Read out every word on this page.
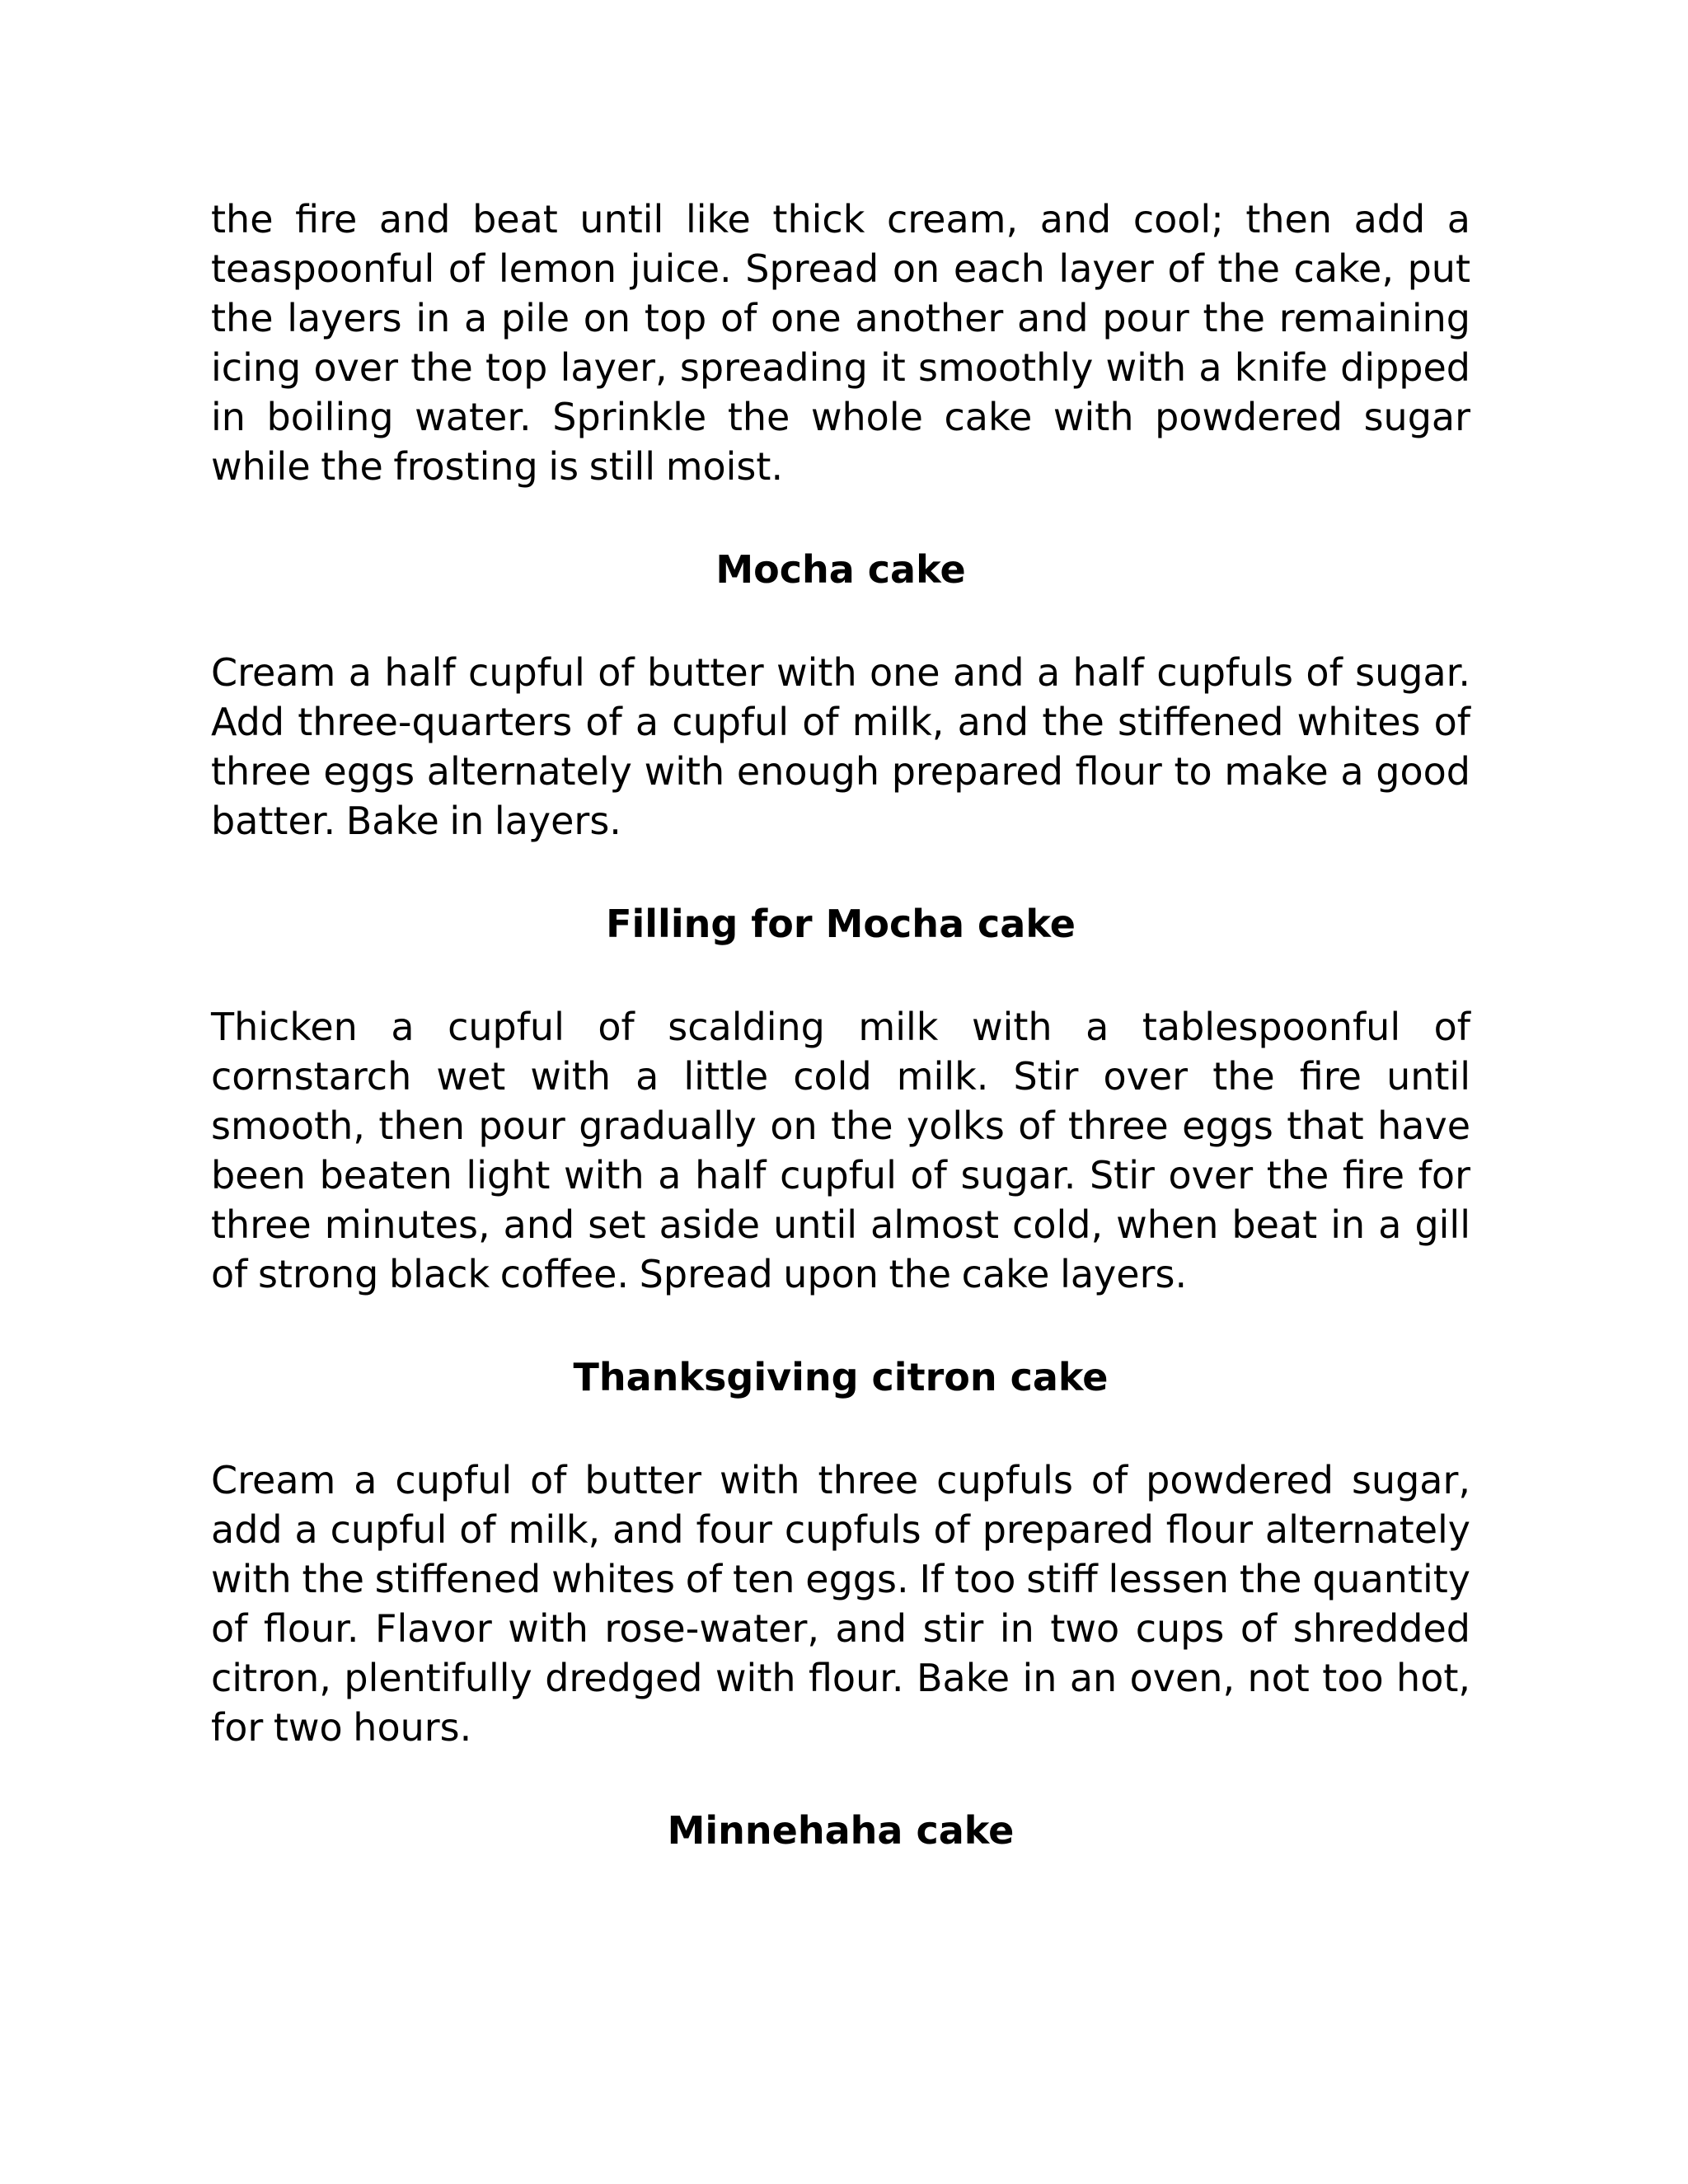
the fire and beat until like thick cream, and cool; then add a teaspoonful of lemon juice. Spread on each layer of the cake, put the layers in a pile on top of one another and pour the remaining icing over the top layer, spreading it smoothly with a knife dipped in boiling water. Sprinkle the whole cake with powdered sugar while the frosting is still moist.

Mocha cake

Cream a half cupful of butter with one and a half cupfuls of sugar. Add three-quarters of a cupful of milk, and the stiffened whites of three eggs alternately with enough prepared flour to make a good batter. Bake in layers.

Filling for Mocha cake

Thicken a cupful of scalding milk with a tablespoonful of cornstarch wet with a little cold milk. Stir over the fire until smooth, then pour gradually on the yolks of three eggs that have been beaten light with a half cupful of sugar. Stir over the fire for three minutes, and set aside until almost cold, when beat in a gill of strong black coffee. Spread upon the cake layers.

Thanksgiving citron cake

Cream a cupful of butter with three cupfuls of powdered sugar, add a cupful of milk, and four cupfuls of prepared flour alternately with the stiffened whites of ten eggs. If too stiff lessen the quantity of flour. Flavor with rose-water, and stir in two cups of shredded citron, plentifully dredged with flour. Bake in an oven, not too hot, for two hours.

Minnehaha cake
